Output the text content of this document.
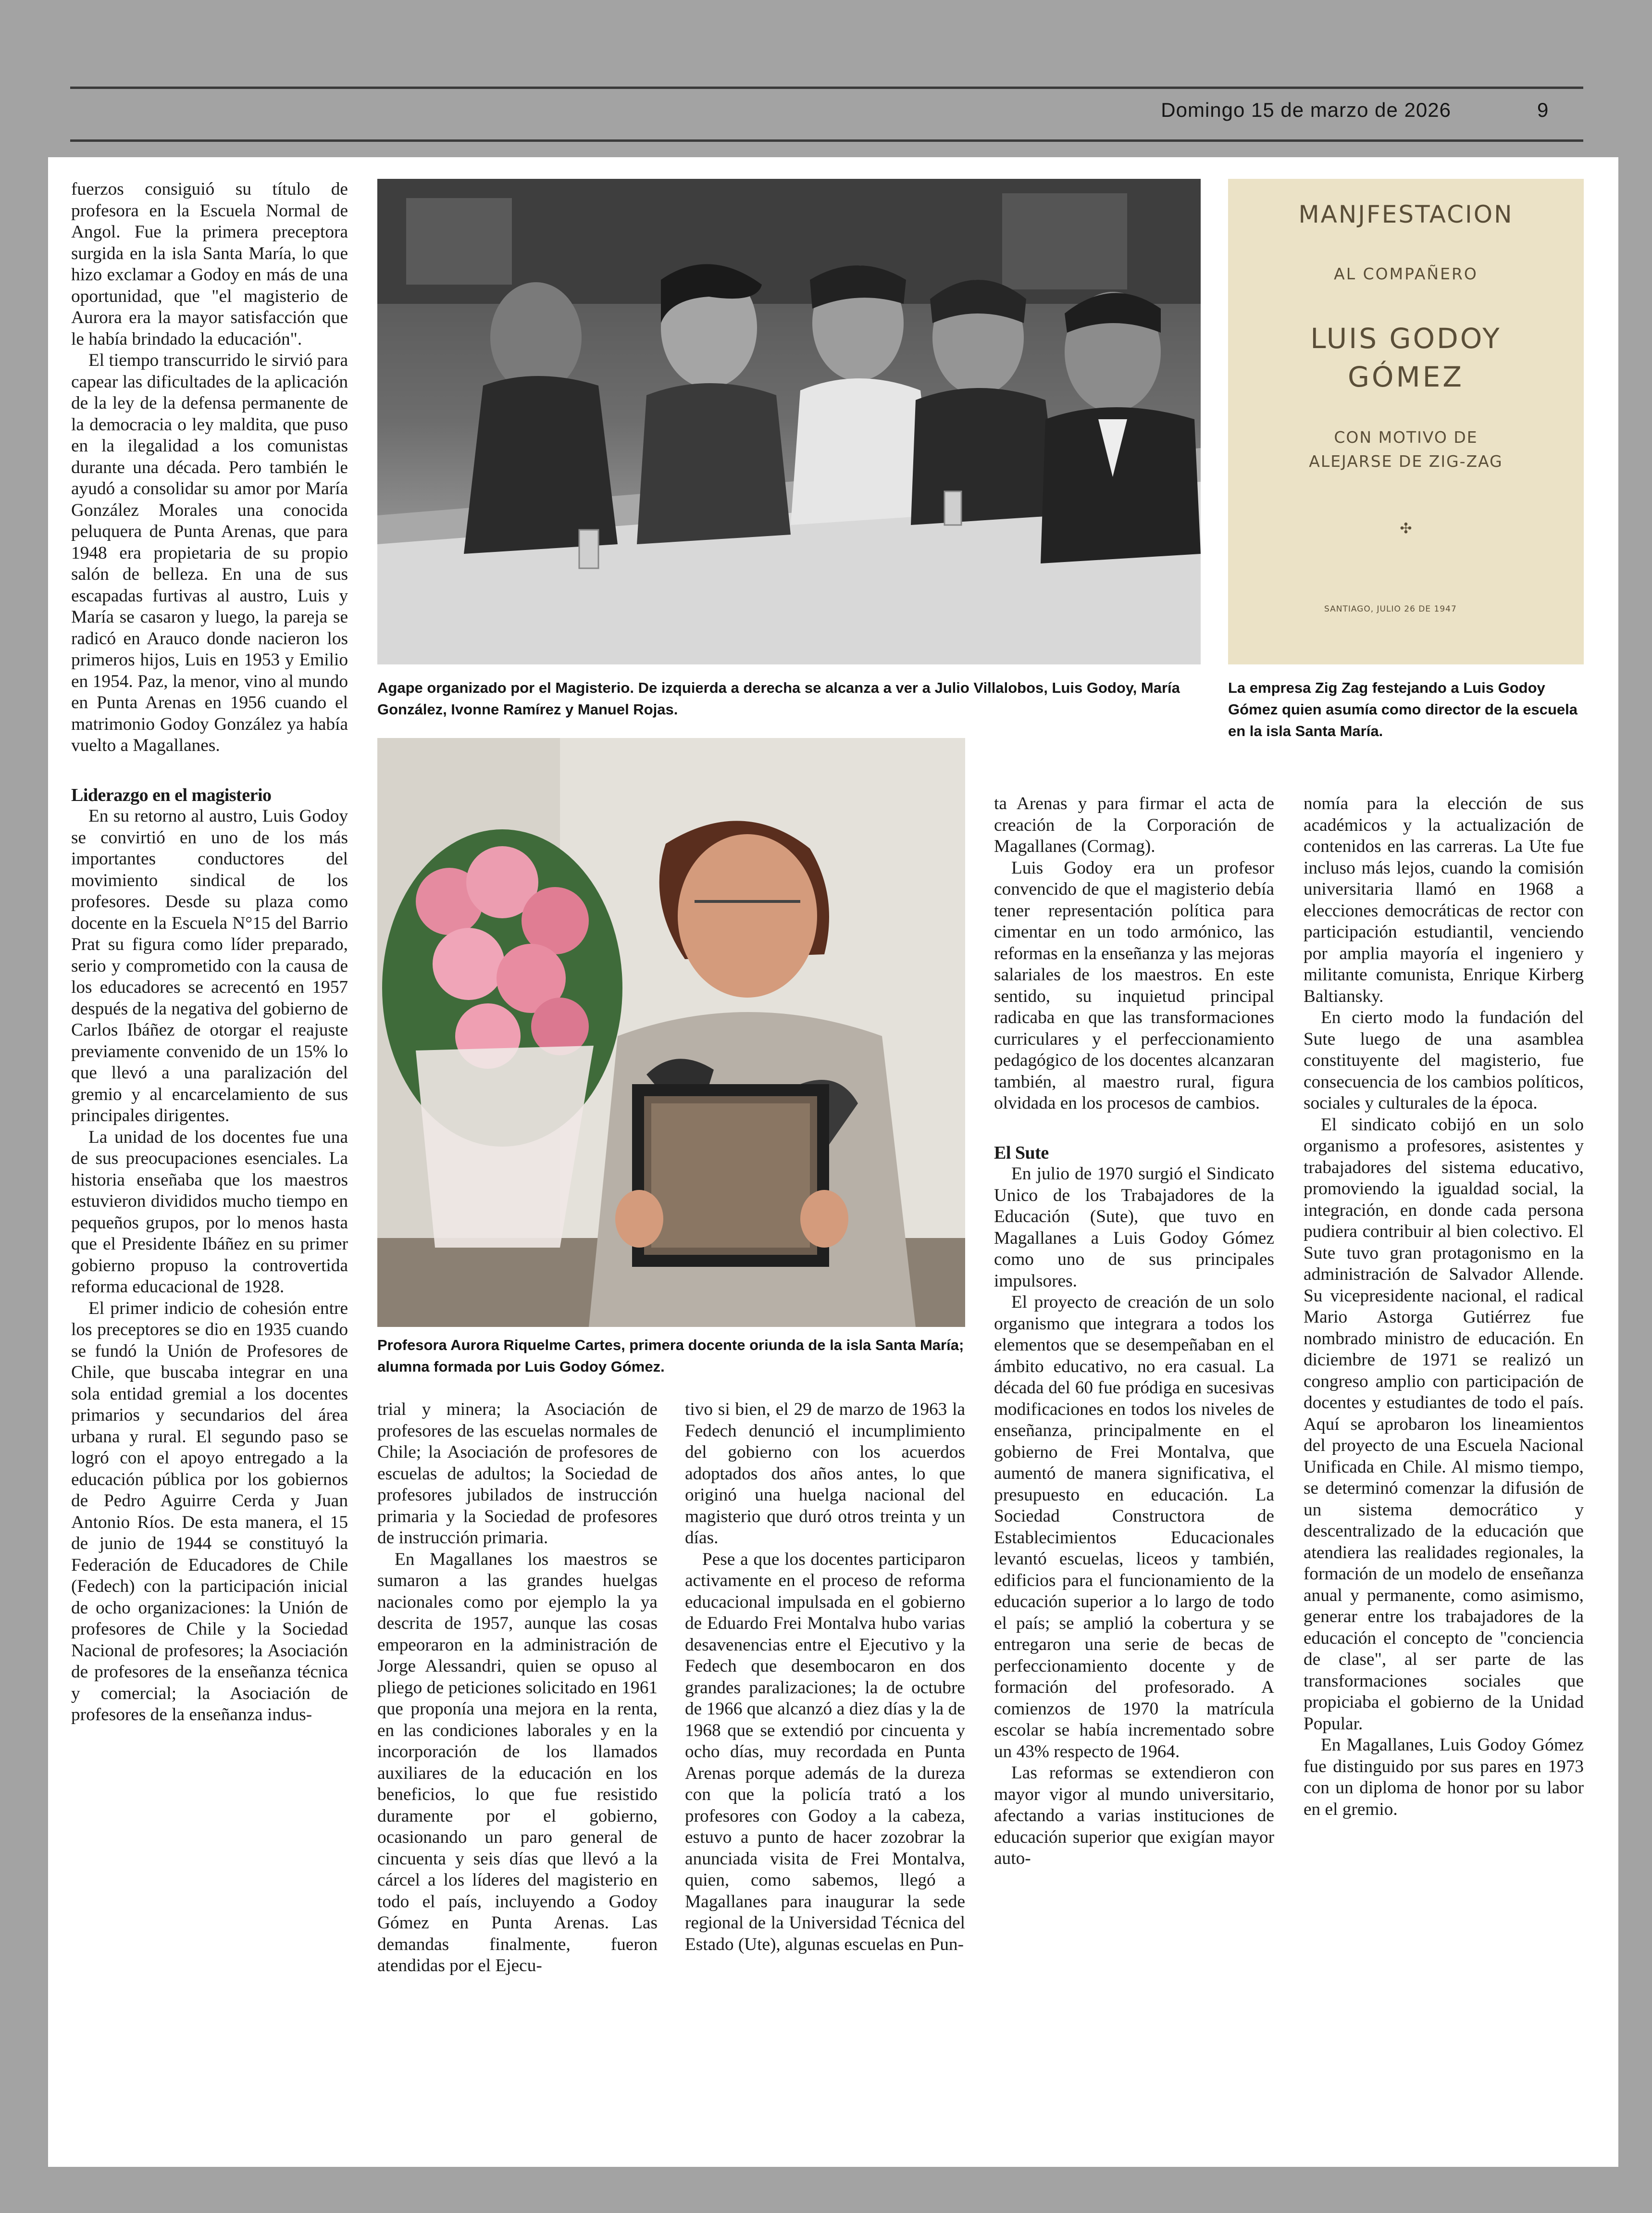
Domingo 15 de marzo de 2026	9

fuerzos consiguió su título de profesora en la Escuela Normal de Angol. Fue la primera preceptora surgida en la isla Santa María, lo que hizo exclamar a Godoy en más de una oportunidad, que "el magisterio de Aurora era la mayor satisfacción que le había brindado la educación".

El tiempo transcurrido le sirvió para capear las dificultades de la aplicación de la ley de la defensa permanente de la democracia o ley maldita, que puso en la ilegalidad a los comunistas durante una década. Pero también le ayudó a consolidar su amor por María González Morales una conocida peluquera de Punta Arenas, que para 1948 era propietaria de su propio salón de belleza. En una de sus escapadas furtivas al austro, Luis y María se casaron y luego, la pareja se radicó en Arauco donde nacieron los primeros hijos, Luis en 1953 y Emilio en 1954. Paz, la menor, vino al mundo en Punta Arenas en 1956 cuando el matrimonio Godoy González ya había vuelto a Magallanes.

Liderazgo en el magisterio

En su retorno al austro, Luis Godoy se convirtió en uno de los más importantes conductores del movimiento sindical de los profesores. Desde su plaza como docente en la Escuela N°15 del Barrio Prat su figura como líder preparado, serio y comprometido con la causa de los educadores se acrecentó en 1957 después de la negativa del gobierno de Carlos Ibáñez de otorgar el reajuste previamente convenido de un 15% lo que llevó a una paralización del gremio y al encarcelamiento de sus principales dirigentes.

La unidad de los docentes fue una de sus preocupaciones esenciales. La historia enseñaba que los maestros estuvieron divididos mucho tiempo en pequeños grupos, por lo menos hasta que el Presidente Ibáñez en su primer gobierno propuso la controvertida reforma educacional de 1928.

El primer indicio de cohesión entre los preceptores se dio en 1935 cuando se fundó la Unión de Profesores de Chile, que buscaba integrar en una sola entidad gremial a los docentes primarios y secundarios del área urbana y rural. El segundo paso se logró con el apoyo entregado a la educación pública por los gobiernos de Pedro Aguirre Cerda y Juan Antonio Ríos. De esta manera, el 15 de junio de 1944 se constituyó la Federación de Educadores de Chile (Fedech) con la participación inicial de ocho organizaciones: la Unión de profesores de Chile y la Sociedad Nacional de profesores; la Asociación de profesores de la enseñanza técnica y comercial; la Asociación de profesores de la enseñanza indus-

MANJFESTACION
AL COMPAÑERO
LUIS GODOY
GÓMEZ
CON MOTIVO DE
ALEJARSE DE ZIG-ZAG
✣
SANTIAGO, JULIO 26 DE 1947
Agape organizado por el Magisterio. De izquierda a derecha se alcanza a ver a Julio Villalobos, Luis Godoy, María González, Ivonne Ramírez y Manuel Rojas.
La empresa Zig Zag festejando a Luis Godoy Gómez quien asumía como director de la escuela en la isla Santa María.
Profesora Aurora Riquelme Cartes, primera docente oriunda de la isla Santa María; alumna formada por Luis Godoy Gómez.

trial y minera; la Asociación de profesores de las escuelas normales de Chile; la Asociación de profesores de escuelas de adultos; la Sociedad de profesores jubilados de instrucción primaria y la Sociedad de profesores de instrucción primaria.

En Magallanes los maestros se sumaron a las grandes huelgas nacionales como por ejemplo la ya descrita de 1957, aunque las cosas empeoraron en la administración de Jorge Alessandri, quien se opuso al pliego de peticiones solicitado en 1961 que proponía una mejora en la renta, en las condiciones laborales y en la incorporación de los llamados auxiliares de la educación en los beneficios, lo que fue resistido duramente por el gobierno, ocasionando un paro general de cincuenta y seis días que llevó a la cárcel a los líderes del magisterio en todo el país, incluyendo a Godoy Gómez en Punta Arenas. Las demandas finalmente, fueron atendidas por el Ejecu-

tivo si bien, el 29 de marzo de 1963 la Fedech denunció el incumplimiento del gobierno con los acuerdos adoptados dos años antes, lo que originó una huelga nacional del magisterio que duró otros treinta y un días.

Pese a que los docentes participaron activamente en el proceso de reforma educacional impulsada en el gobierno de Eduardo Frei Montalva hubo varias desavenencias entre el Ejecutivo y la Fedech que desembocaron en dos grandes paralizaciones; la de octubre de 1966 que alcanzó a diez días y la de 1968 que se extendió por cincuenta y ocho días, muy recordada en Punta Arenas porque además de la dureza con que la policía trató a los profesores con Godoy a la cabeza, estuvo a punto de hacer zozobrar la anunciada visita de Frei Montalva, quien, como sabemos, llegó a Magallanes para inaugurar la sede regional de la Universidad Técnica del Estado (Ute), algunas escuelas en Pun-

ta Arenas y para firmar el acta de creación de la Corporación de Magallanes (Cormag).

Luis Godoy era un profesor convencido de que el magisterio debía tener representación política para cimentar en un todo armónico, las reformas en la enseñanza y las mejoras salariales de los maestros. En este sentido, su inquietud principal radicaba en que las transformaciones curriculares y el perfeccionamiento pedagógico de los docentes alcanzaran también, al maestro rural, figura olvidada en los procesos de cambios.

El Sute

En julio de 1970 surgió el Sindicato Unico de los Trabajadores de la Educación (Sute), que tuvo en Magallanes a Luis Godoy Gómez como uno de sus principales impulsores.

El proyecto de creación de un solo organismo que integrara a todos los elementos que se desempeñaban en el ámbito educativo, no era casual. La década del 60 fue pródiga en sucesivas modificaciones en todos los niveles de enseñanza, principalmente en el gobierno de Frei Montalva, que aumentó de manera significativa, el presupuesto en educación. La Sociedad Constructora de Establecimientos Educacionales levantó escuelas, liceos y también, edificios para el funcionamiento de la educación superior a lo largo de todo el país; se amplió la cobertura y se entregaron una serie de becas de perfeccionamiento docente y de formación del profesorado. A comienzos de 1970 la matrícula escolar se había incrementado sobre un 43% respecto de 1964.

Las reformas se extendieron con mayor vigor al mundo universitario, afectando a varias instituciones de educación superior que exigían mayor auto-

nomía para la elección de sus académicos y la actualización de contenidos en las carreras. La Ute fue incluso más lejos, cuando la comisión universitaria llamó en 1968 a elecciones democráticas de rector con participación estudiantil, venciendo por amplia mayoría el ingeniero y militante comunista, Enrique Kirberg Baltiansky.

En cierto modo la fundación del Sute luego de una asamblea constituyente del magisterio, fue consecuencia de los cambios políticos, sociales y culturales de la época.

El sindicato cobijó en un solo organismo a profesores, asistentes y trabajadores del sistema educativo, promoviendo la igualdad social, la integración, en donde cada persona pudiera contribuir al bien colectivo. El Sute tuvo gran protagonismo en la administración de Salvador Allende. Su vicepresidente nacional, el radical Mario Astorga Gutiérrez fue nombrado ministro de educación. En diciembre de 1971 se realizó un congreso amplio con participación de docentes y estudiantes de todo el país. Aquí se aprobaron los lineamientos del proyecto de una Escuela Nacional Unificada en Chile. Al mismo tiempo, se determinó comenzar la difusión de un sistema democrático y descentralizado de la educación que atendiera las realidades regionales, la formación de un modelo de enseñanza anual y permanente, como asimismo, generar entre los trabajadores de la educación el concepto de "conciencia de clase", al ser parte de las transformaciones sociales que propiciaba el gobierno de la Unidad Popular.

En Magallanes, Luis Godoy Gómez fue distinguido por sus pares en 1973 con un diploma de honor por su labor en el gremio.
